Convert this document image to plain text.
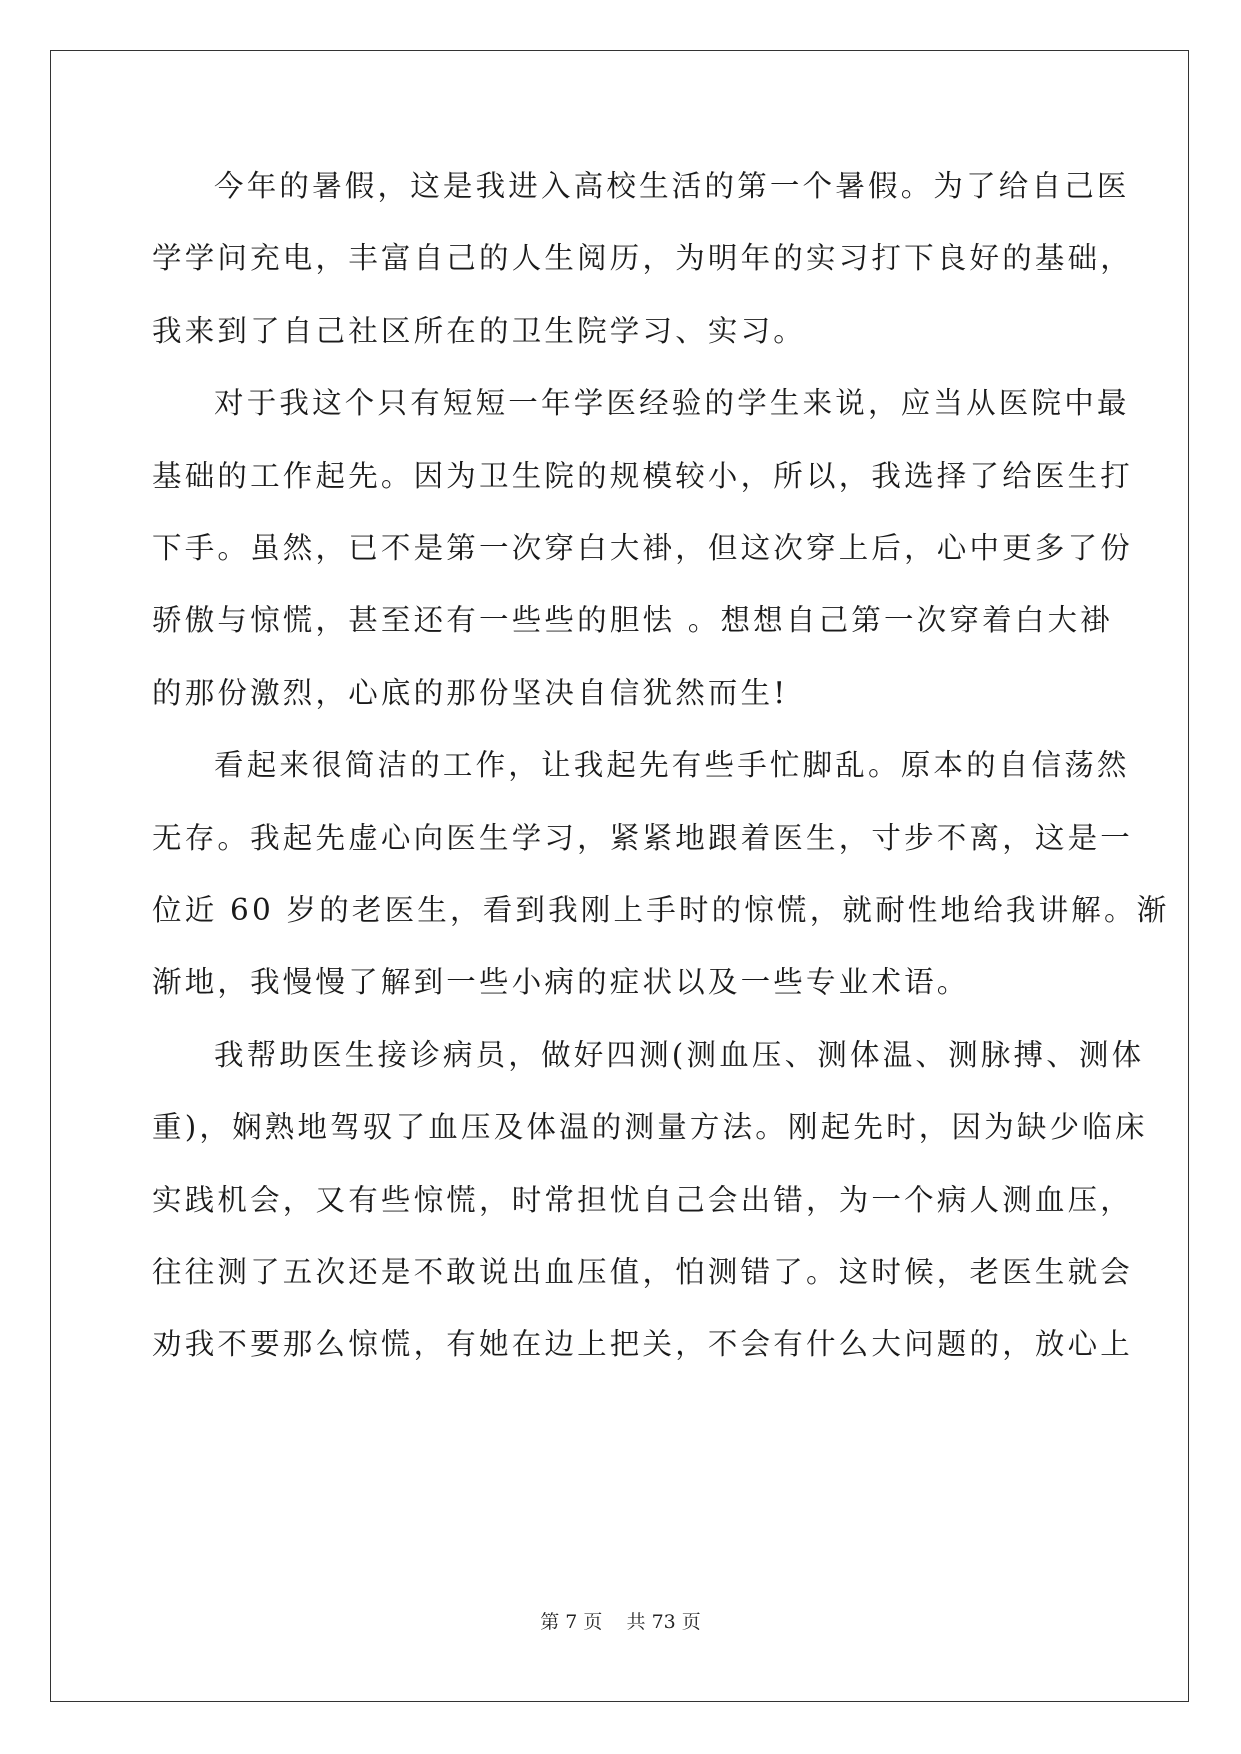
今年的暑假，这是我进入高校生活的第一个暑假。为了给自己医
学学问充电，丰富自己的人生阅历，为明年的实习打下良好的基础，
我来到了自己社区所在的卫生院学习、实习。
对于我这个只有短短一年学医经验的学生来说，应当从医院中最
基础的工作起先。因为卫生院的规模较小，所以，我选择了给医生打
下手。虽然，已不是第一次穿白大褂，但这次穿上后，心中更多了份
骄傲与惊慌，甚至还有一些些的胆怯 。想想自己第一次穿着白大褂
的那份激烈，心底的那份坚决自信犹然而生!
看起来很简洁的工作，让我起先有些手忙脚乱。原本的自信荡然
无存。我起先虚心向医生学习，紧紧地跟着医生，寸步不离，这是一
位近 60 岁的老医生，看到我刚上手时的惊慌，就耐性地给我讲解。渐
渐地，我慢慢了解到一些小病的症状以及一些专业术语。
我帮助医生接诊病员，做好四测(测血压、测体温、测脉搏、测体
重)，娴熟地驾驭了血压及体温的测量方法。刚起先时，因为缺少临床
实践机会，又有些惊慌，时常担忧自己会出错，为一个病人测血压，
往往测了五次还是不敢说出血压值，怕测错了。这时候，老医生就会
劝我不要那么惊慌，有她在边上把关，不会有什么大问题的，放心上
第 7 页 共 73 页
